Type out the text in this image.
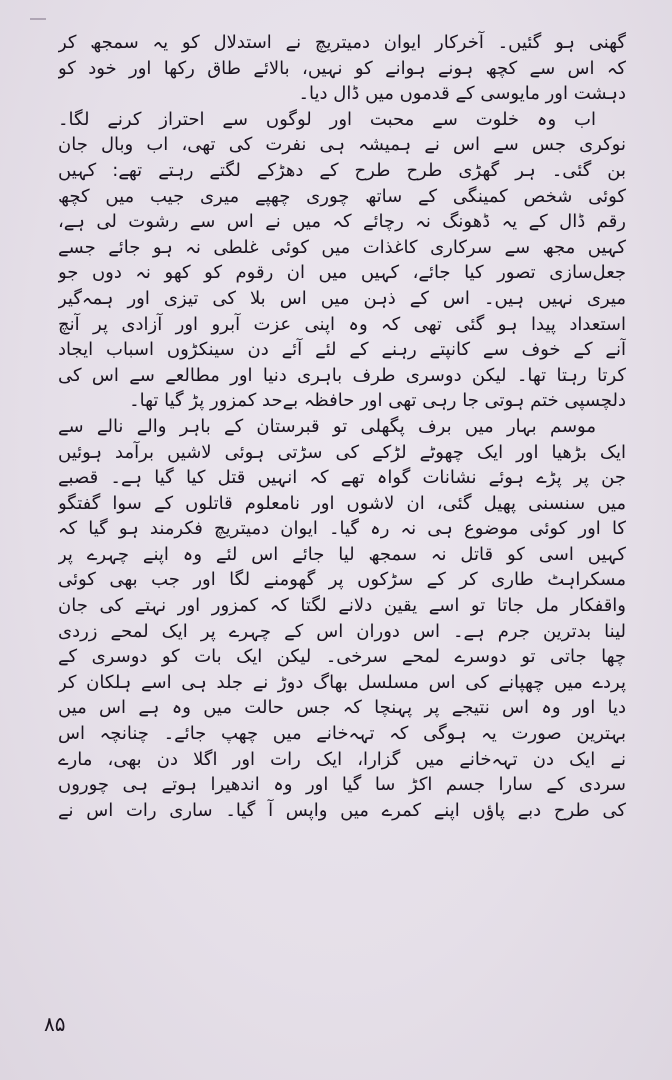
گھنی ہو گئیں۔ آخرکار ایوان دمیتریچ نے استدلال کو یہ سمجھ کر
کہ اس سے کچھ ہونے ہوانے کو نہیں، بالائے طاق رکھا اور خود کو
دہشت اور مایوسی کے قدموں میں ڈال دیا۔
اب وہ خلوت سے محبت اور لوگوں سے احتراز کرنے لگا۔
نوکری جس سے اس نے ہمیشہ ہی نفرت کی تھی، اب وبال جان
بن گئی۔ ہر گھڑی طرح طرح کے دھڑکے لگتے رہتے تھے: کہیں
کوئی شخص کمینگی کے ساتھ چوری چھپے میری جیب میں کچھ
رقم ڈال کے یہ ڈھونگ نہ رچائے کہ میں نے اس سے رشوت لی ہے،
کہیں مجھ سے سرکاری کاغذات میں کوئی غلطی نہ ہو جائے جسے
جعل‌سازی تصور کیا جائے، کہیں میں ان رقوم کو کھو نہ دوں جو
میری نہیں ہیں۔ اس کے ذہن میں اس بلا کی تیزی اور ہمہ‌گیر
استعداد پیدا ہو گئی تھی کہ وہ اپنی عزت آبرو اور آزادی پر آنچ
آنے کے خوف سے کانپتے رہنے کے لئے آئے دن سینکڑوں اسباب ایجاد
کرتا رہتا تھا۔ لیکن دوسری طرف باہری دنیا اور مطالعے سے اس کی
دلچسپی ختم ہوتی جا رہی تھی اور حافظہ بے‌حد کمزور پڑ گیا تھا۔
موسم بہار میں برف پگھلی تو قبرستان کے باہر والے نالے سے
ایک بڑھیا اور ایک چھوٹے لڑکے کی سڑتی ہوئی لاشیں برآمد ہوئیں
جن پر پڑے ہوئے نشانات گواہ تھے کہ انہیں قتل کیا گیا ہے۔ قصبے
میں سنسنی پھیل گئی، ان لاشوں اور نامعلوم قاتلوں کے سوا گفتگو
کا اور کوئی موضوع ہی نہ رہ گیا۔ ایوان دمیتریچ فکرمند ہو گیا کہ
کہیں اسی کو قاتل نہ سمجھ لیا جائے اس لئے وہ اپنے چہرے پر
مسکراہٹ طاری کر کے سڑکوں پر گھومنے لگا اور جب بھی کوئی
واقفکار مل جاتا تو اسے یقین دلانے لگتا کہ کمزور اور نہتے کی جان
لینا بدترین جرم ہے۔ اس دوران اس کے چہرے پر ایک لمحے زردی
چھا جاتی تو دوسرے لمحے سرخی۔ لیکن ایک بات کو دوسری کے
پردے میں چھپانے کی اس مسلسل بھاگ دوڑ نے جلد ہی اسے ہلکان کر
دیا اور وہ اس نتیجے پر پہنچا کہ جس حالت میں وہ ہے اس میں
بہترین صورت یہ ہوگی کہ تہہ‌خانے میں چھپ جائے۔ چنانچہ اس
نے ایک دن تہہ‌خانے میں گزارا، ایک رات اور اگلا دن بھی، مارے
سردی کے سارا جسم اکڑ سا گیا اور وہ اندھیرا ہوتے ہی چوروں
کی طرح دبے پاؤں اپنے کمرے میں واپس آ گیا۔ ساری رات اس نے
۸۵
